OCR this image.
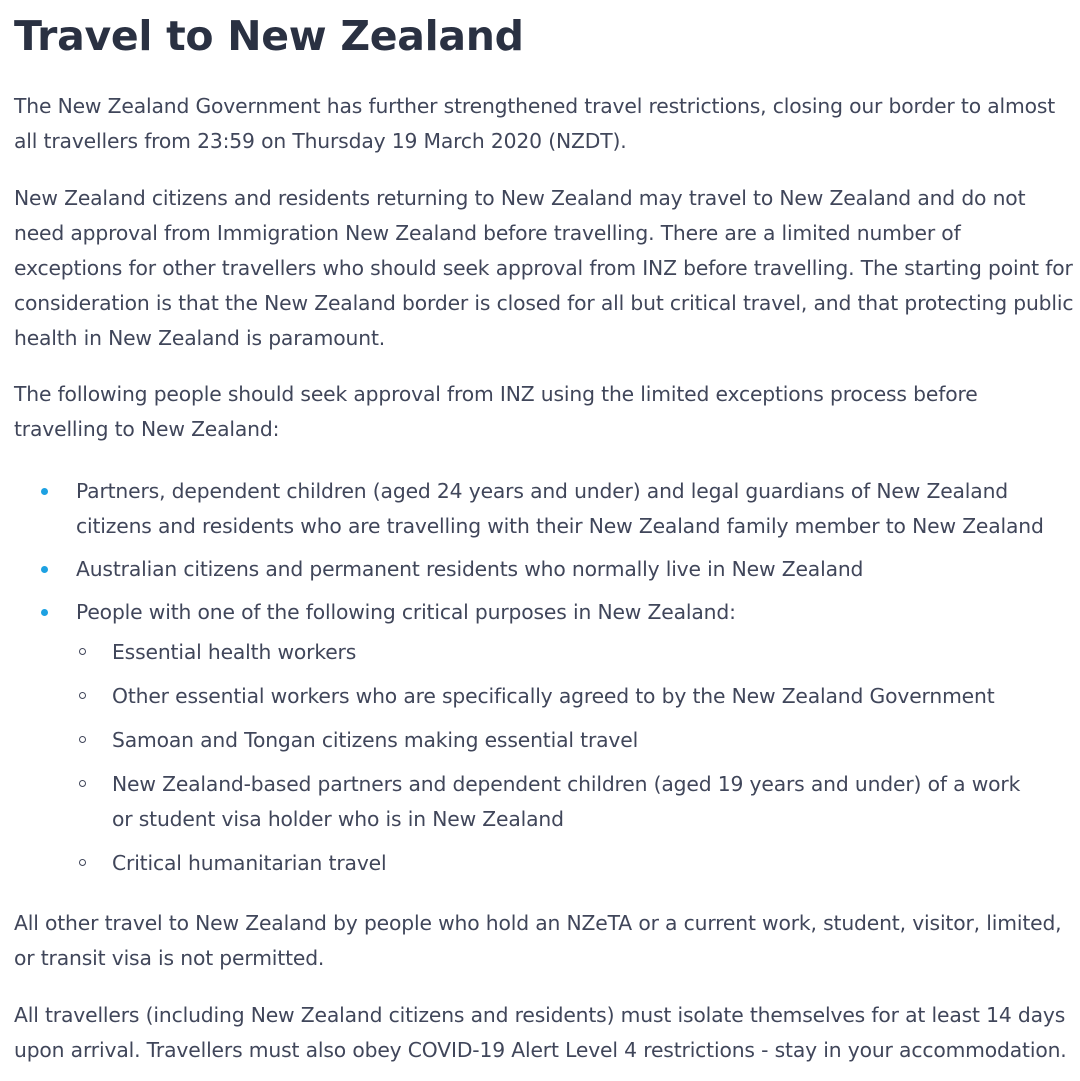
Travel to New Zealand

The New Zealand Government has further strengthened travel restrictions, closing our border to almost all travellers from 23:59 on Thursday 19 March 2020 (NZDT).

New Zealand citizens and residents returning to New Zealand may travel to New Zealand and do not need approval from Immigration New Zealand before travelling. There are a limited number of exceptions for other travellers who should seek approval from INZ before travelling. The starting point for consideration is that the New Zealand border is closed for all but critical travel, and that protecting public health in New Zealand is paramount.

The following people should seek approval from INZ using the limited exceptions process before travelling to New Zealand:

Partners, dependent children (aged 24 years and under) and legal guardians of New Zealand citizens and residents who are travelling with their New Zealand family member to New Zealand
Australian citizens and permanent residents who normally live in New Zealand
People with one of the following critical purposes in New Zealand:
Essential health workers
Other essential workers who are specifically agreed to by the New Zealand Government
Samoan and Tongan citizens making essential travel
New Zealand-based partners and dependent children (aged 19 years and under) of a work or student visa holder who is in New Zealand
Critical humanitarian travel

All other travel to New Zealand by people who hold an NZeTA or a current work, student, visitor, limited, or transit visa is not permitted.

All travellers (including New Zealand citizens and residents) must isolate themselves for at least 14 days upon arrival. Travellers must also obey COVID-19 Alert Level 4 restrictions - stay in your accommodation.
